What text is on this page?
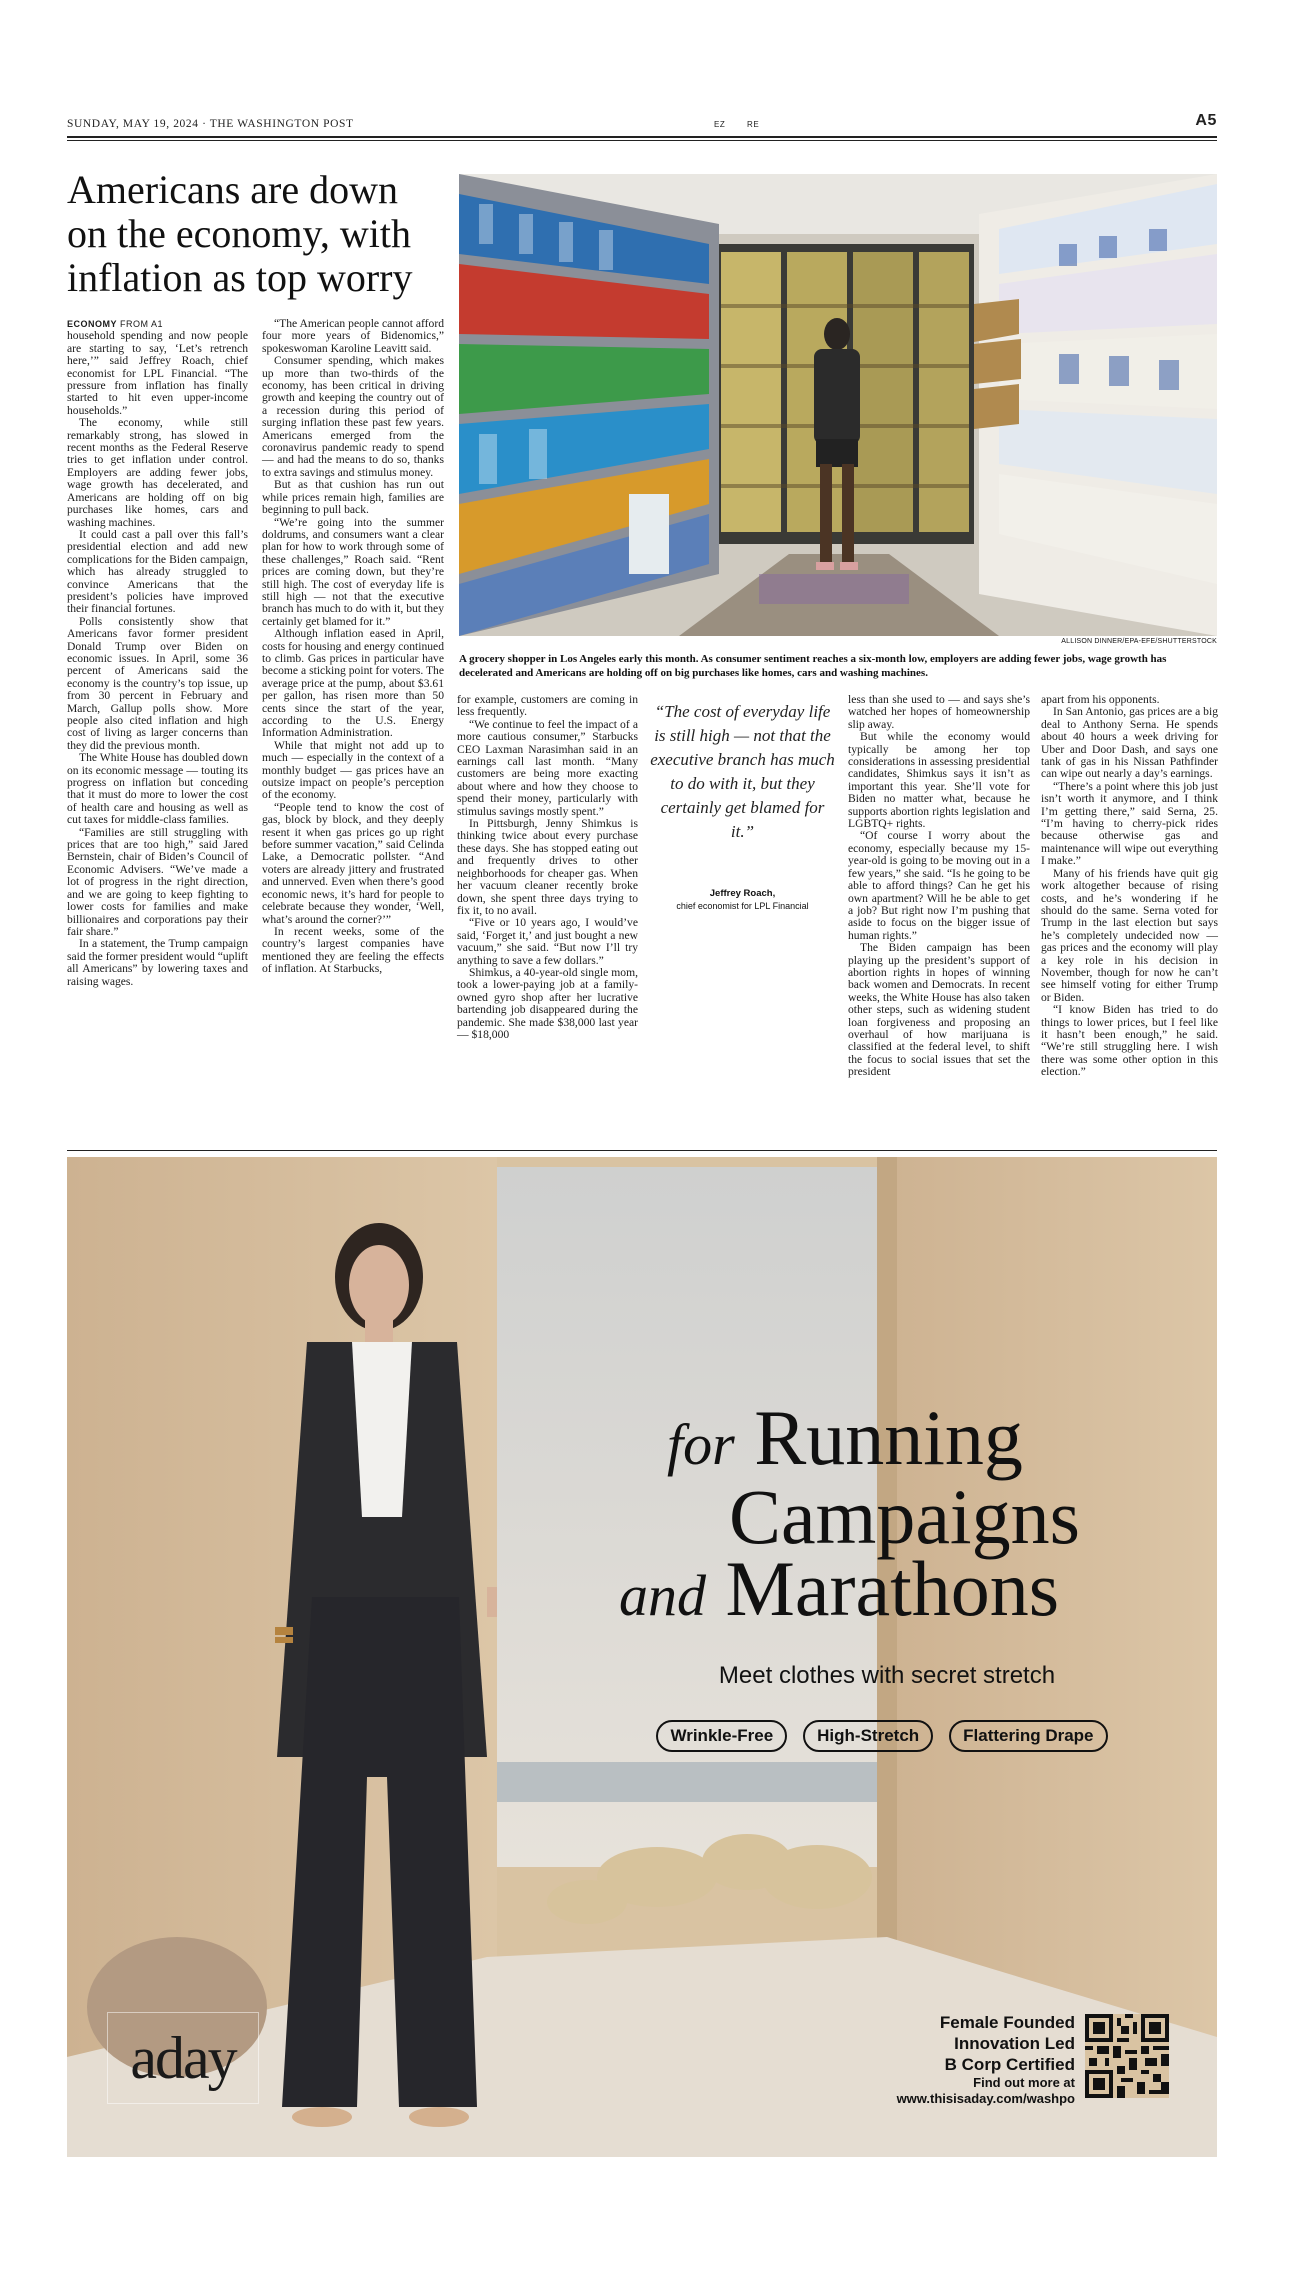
SUNDAY, MAY 19, 2024 · THE WASHINGTON POST	EZ	RE	A5
Americans are down on the economy, with inflation as top worry

ECONOMY FROM A1

household spending and now people are starting to say, ‘Let’s retrench here,’” said Jeffrey Roach, chief economist for LPL Financial. “The pressure from inflation has finally started to hit even upper-income households.”

The economy, while still remarkably strong, has slowed in recent months as the Federal Reserve tries to get inflation under control. Employers are adding fewer jobs, wage growth has decelerated, and Americans are holding off on big purchases like homes, cars and washing machines.

It could cast a pall over this fall’s presidential election and add new complications for the Biden campaign, which has already struggled to convince Americans that the president’s policies have improved their financial fortunes.

Polls consistently show that Americans favor former president Donald Trump over Biden on economic issues. In April, some 36 percent of Americans said the economy is the country’s top issue, up from 30 percent in February and March, Gallup polls show. More people also cited inflation and high cost of living as larger concerns than they did the previous month.

The White House has doubled down on its economic message — touting its progress on inflation but conceding that it must do more to lower the cost of health care and housing as well as cut taxes for middle-class families.

“Families are still struggling with prices that are too high,” said Jared Bernstein, chair of Biden’s Council of Economic Advisers. “We’ve made a lot of progress in the right direction, and we are going to keep fighting to lower costs for families and make billionaires and corporations pay their fair share.”

In a statement, the Trump campaign said the former president would “uplift all Americans” by lowering taxes and raising wages.

“The American people cannot afford four more years of Bidenomics,” spokeswoman Karoline Leavitt said.

Consumer spending, which makes up more than two-thirds of the economy, has been critical in driving growth and keeping the country out of a recession during this period of surging inflation these past few years. Americans emerged from the coronavirus pandemic ready to spend — and had the means to do so, thanks to extra savings and stimulus money.

But as that cushion has run out while prices remain high, families are beginning to pull back.

“We’re going into the summer doldrums, and consumers want a clear plan for how to work through some of these challenges,” Roach said. “Rent prices are coming down, but they’re still high. The cost of everyday life is still high — not that the executive branch has much to do with it, but they certainly get blamed for it.”

Although inflation eased in April, costs for housing and energy continued to climb. Gas prices in particular have become a sticking point for voters. The average price at the pump, about $3.61 per gallon, has risen more than 50 cents since the start of the year, according to the U.S. Energy Information Administration.

While that might not add up to much — especially in the context of a monthly budget — gas prices have an outsize impact on people’s perception of the economy.

“People tend to know the cost of gas, block by block, and they deeply resent it when gas prices go up right before summer vacation,” said Celinda Lake, a Democratic pollster. “And voters are already jittery and frustrated and unnerved. Even when there’s good economic news, it’s hard for people to celebrate because they wonder, ‘Well, what’s around the corner?’”

In recent weeks, some of the country’s largest companies have mentioned they are feeling the effects of inflation. At Starbucks,

ALLISON DINNER/EPA-EFE/SHUTTERSTOCK
A grocery shopper in Los Angeles early this month. As consumer sentiment reaches a six-month low, employers are adding fewer jobs, wage growth has decelerated and Americans are holding off on big purchases like homes, cars and washing machines.

for example, customers are coming in less frequently.

“We continue to feel the impact of a more cautious consumer,” Starbucks CEO Laxman Narasimhan said in an earnings call last month. “Many customers are being more exacting about where and how they choose to spend their money, particularly with stimulus savings mostly spent.”

In Pittsburgh, Jenny Shimkus is thinking twice about every purchase these days. She has stopped eating out and frequently drives to other neighborhoods for cheaper gas. When her vacuum cleaner recently broke down, she spent three days trying to fix it, to no avail.

“Five or 10 years ago, I would’ve said, ‘Forget it,’ and just bought a new vacuum,” she said. “But now I’ll try anything to save a few dollars.”

Shimkus, a 40-year-old single mom, took a lower-paying job at a family-owned gyro shop after her lucrative bartending job disappeared during the pandemic. She made $38,000 last year — $18,000

“The cost of everyday life is still high — not that the executive branch has much to do with it, but they certainly get blamed for it.”
Jeffrey Roach,
chief economist for LPL Financial

less than she used to — and says she’s watched her hopes of homeownership slip away.

But while the economy would typically be among her top considerations in assessing presidential candidates, Shimkus says it isn’t as important this year. She’ll vote for Biden no matter what, because he supports abortion rights legislation and LGBTQ+ rights.

“Of course I worry about the economy, especially because my 15-year-old is going to be moving out in a few years,” she said. “Is he going to be able to afford things? Can he get his own apartment? Will he be able to get a job? But right now I’m pushing that aside to focus on the bigger issue of human rights.”

The Biden campaign has been playing up the president’s support of abortion rights in hopes of winning back women and Democrats. In recent weeks, the White House has also taken other steps, such as widening student loan forgiveness and proposing an overhaul of how marijuana is classified at the federal level, to shift the focus to social issues that set the president

apart from his opponents.

In San Antonio, gas prices are a big deal to Anthony Serna. He spends about 40 hours a week driving for Uber and Door Dash, and says one tank of gas in his Nissan Pathfinder can wipe out nearly a day’s earnings.

“There’s a point where this job just isn’t worth it anymore, and I think I’m getting there,” said Serna, 25. “I’m having to cherry-pick rides because otherwise gas and maintenance will wipe out everything I make.”

Many of his friends have quit gig work altogether because of rising costs, and he’s wondering if he should do the same. Serna voted for Trump in the last election but says he’s completely undecided now — gas prices and the economy will play a key role in his decision in November, though for now he can’t see himself voting for either Trump or Biden.

“I know Biden has tried to do things to lower prices, but I feel like it hasn’t been enough,” he said. “We’re still struggling here. I wish there was some other option in this election.”

for Running
Campaigns
and Marathons
Meet clothes with secret stretch
Wrinkle-Free	High-Stretch	Flattering Drape
aday
Female Founded
Innovation Led
B Corp Certified
Find out more at
www.thisisaday.com/washpo
